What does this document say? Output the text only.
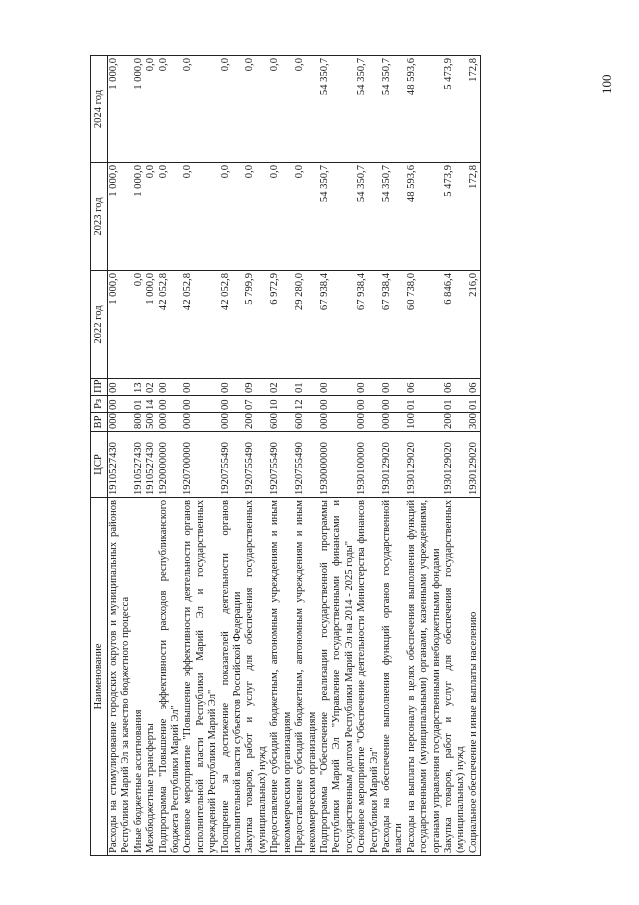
100
Наименование	ЦСР	ВР	Рз	ПР	2022 год	2023 год	2024 год
Расходы на стимулирование городских округов и муниципальных районов Республики Марий Эл за качество бюджетного процесса	1910527430	000	00	00	1 000,0	1 000,0	1 000,0

Иные бюджетные ассигнования	1910527430	800	01	13	0,0	1 000,0	1 000,0

Межбюджетные трансферты	1910527430	500	14	02	1 000,0	0,0	0,0

Подпрограмма "Повышение эффективности расходов республиканского бюджета Республики Марий Эл"	1920000000	000	00	00	42 052,8	0,0	0,0

Основное мероприятие "Повышение эффективности деятельности органов исполнительной власти Республики Марий Эл и государственных учреждений Республики Марий Эл"	1920700000	000	00	00	42 052,8	0,0	0,0

Поощрение за достижение показателей деятельности органов исполнительной власти субъектов Российской Федерации	1920755490	000	00	00	42 052,8	0,0	0,0

Закупка товаров, работ и услуг для обеспечения государственных (муниципальных) нужд	1920755490	200	07	09	5 799,9	0,0	0,0

Предоставление субсидий бюджетным, автономным учреждениям и иным некоммерческим организациям	1920755490	600	10	02	6 972,9	0,0	0,0

Предоставление субсидий бюджетным, автономным учреждениям и иным некоммерческим организациям	1920755490	600	12	01	29 280,0	0,0	0,0

Подпрограмма "Обеспечение реализации государственной программы Республики Марий Эл "Управление государственными финансами и государственным долгом Республики Марий Эл на 2014 - 2025 годы"	1930000000	000	00	00	67 938,4	54 350,7	54 350,7

Основное мероприятие "Обеспечение деятельности Министерства финансов Республики Марий Эл"	1930100000	000	00	00	67 938,4	54 350,7	54 350,7

Расходы на обеспечение выполнения функций органов государственной власти	1930129020	000	00	00	67 938,4	54 350,7	54 350,7

Расходы на выплаты персоналу в целях обеспечения выполнения функций государственными (муниципальными) органами, казенными учреждениями, органами управления государственными внебюджетными фондами	1930129020	100	01	06	60 738,0	48 593,6	48 593,6

Закупка товаров, работ и услуг для обеспечения государственных (муниципальных) нужд	1930129020	200	01	06	6 846,4	5 473,9	5 473,9

Социальное обеспечение и иные выплаты населению	1930129020	300	01	06	216,0	172,8	172,8
